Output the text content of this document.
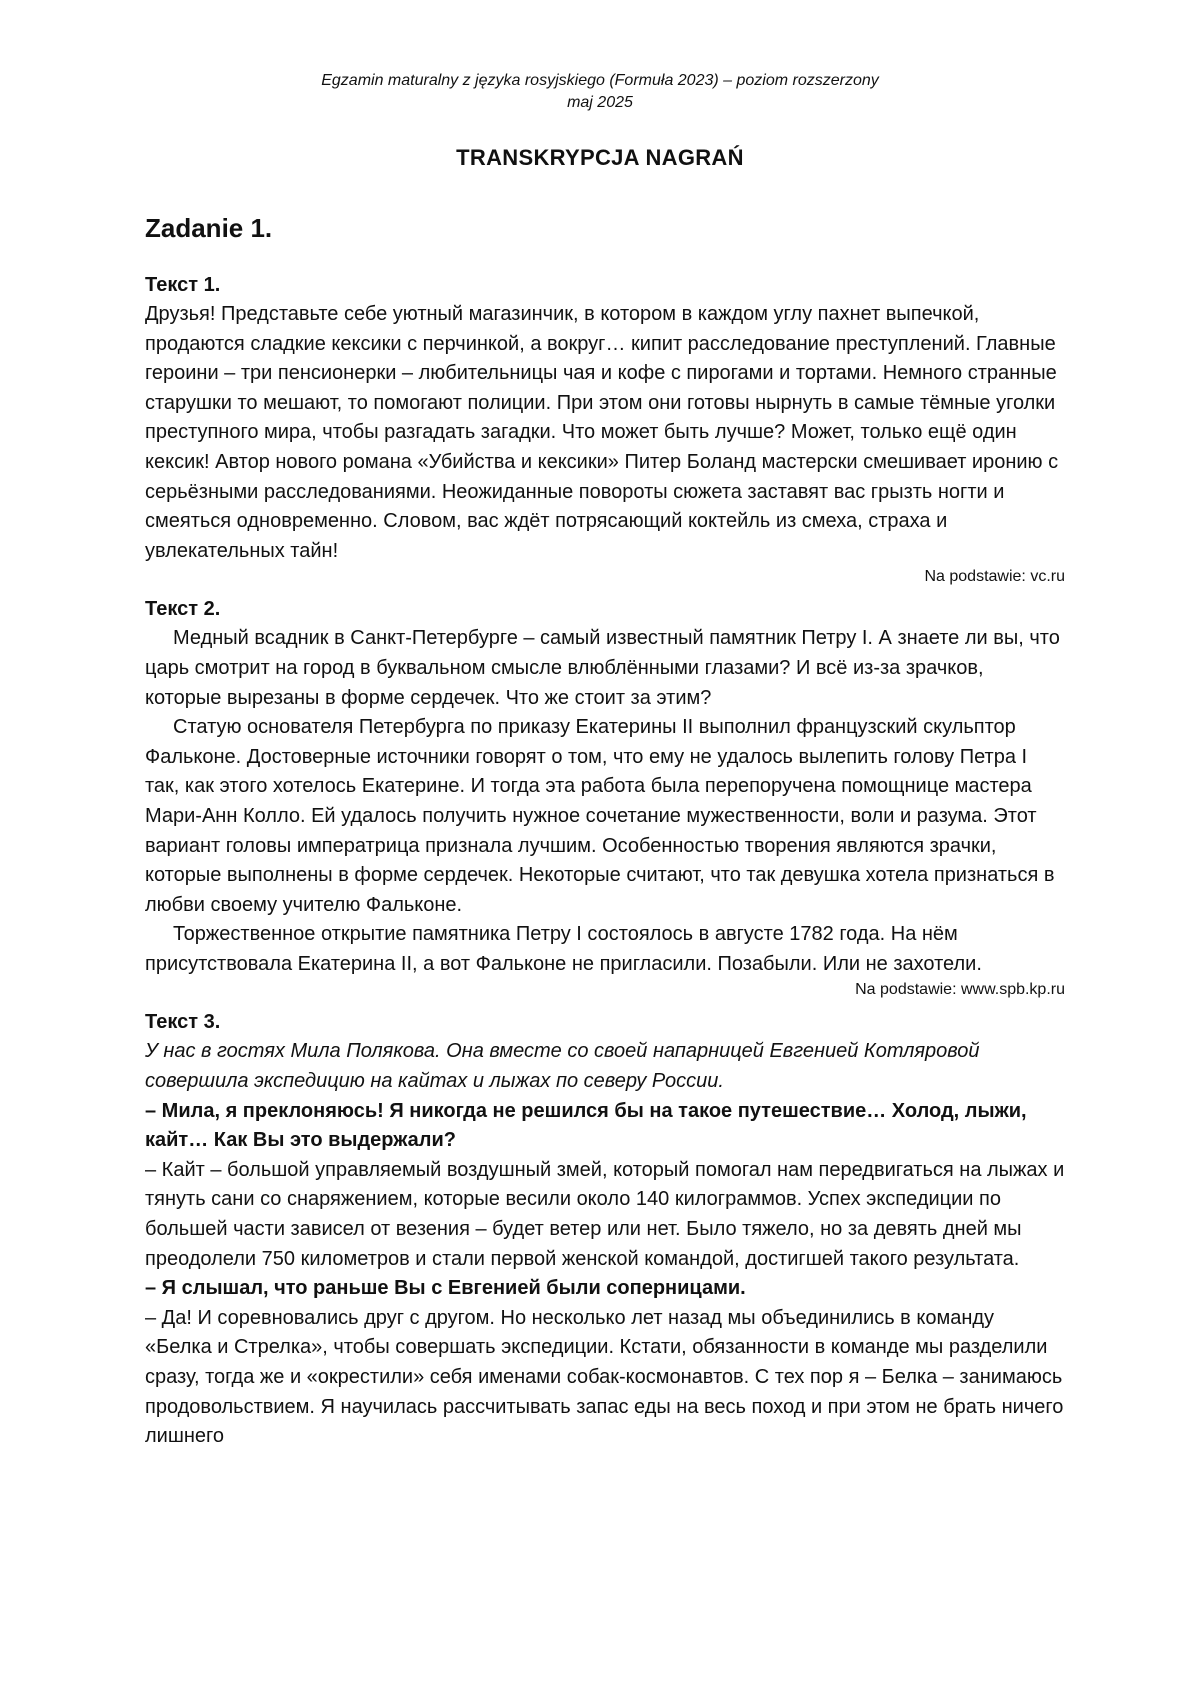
Egzamin maturalny z języka rosyjskiego (Formuła 2023) – poziom rozszerzony
maj 2025
TRANSKRYPCJA NAGRAŃ
Zadanie 1.
Текст 1.

Друзья! Представьте себе уютный магазинчик, в котором в каждом углу пахнет выпечкой, продаются сладкие кексики с перчинкой, а вокруг… кипит расследование преступлений. Главные героини – три пенсионерки – любительницы чая и кофе с пирогами и тортами. Немного странные старушки то мешают, то помогают полиции. При этом они готовы нырнуть в самые тёмные уголки преступного мира, чтобы разгадать загадки. Что может быть лучше? Может, только ещё один кексик! Автор нового романа «Убийства и кексики» Питер Боланд мастерски смешивает иронию с серьёзными расследованиями. Неожиданные повороты сюжета заставят вас грызть ногти и смеяться одновременно. Словом, вас ждёт потрясающий коктейль из смеха, страха и увлекательных тайн!

Na podstawie: vc.ru

Текст 2.

Медный всадник в Санкт-Петербурге – самый известный памятник Петру I. А знаете ли вы, что царь смотрит на город в буквальном смысле влюблёнными глазами? И всё из-за зрачков, которые вырезаны в форме сердечек. Что же стоит за этим?

Статую основателя Петербурга по приказу Екатерины II выполнил французский скульптор Фальконе. Достоверные источники говорят о том, что ему не удалось вылепить голову Петра I так, как этого хотелось Екатерине. И тогда эта работа была перепоручена помощнице мастера Мари-Анн Колло. Ей удалось получить нужное сочетание мужественности, воли и разума. Этот вариант головы императрица признала лучшим. Особенностью творения являются зрачки, которые выполнены в форме сердечек. Некоторые считают, что так девушка хотела признаться в любви своему учителю Фальконе.

Торжественное открытие памятника Петру I состоялось в августе 1782 года. На нём присутствовала Екатерина II, а вот Фальконе не пригласили. Позабыли. Или не захотели.

Na podstawie: www.spb.kp.ru

Текст 3.

У нас в гостях Мила Полякова. Она вместе со своей напарницей Евгенией Котляровой совершила экспедицию на кайтах и лыжах по северу России.

– Мила, я преклоняюсь! Я никогда не решился бы на такое путешествие… Холод, лыжи, кайт… Как Вы это выдержали?

– Кайт – большой управляемый воздушный змей, который помогал нам передвигаться на лыжах и тянуть сани со снаряжением, которые весили около 140 килограммов. Успех экспедиции по большей части зависел от везения – будет ветер или нет. Было тяжело, но за девять дней мы преодолели 750 километров и стали первой женской командой, достигшей такого результата.

– Я слышал, что раньше Вы с Евгенией были соперницами.

– Да! И соревновались друг с другом. Но несколько лет назад мы объединились в команду «Белка и Стрелка», чтобы совершать экспедиции. Кстати, обязанности в команде мы разделили сразу, тогда же и «окрестили» себя именами собак-космонавтов. С тех пор я – Белка – занимаюсь продовольствием. Я научилась рассчитывать запас еды на весь поход и при этом не брать ничего лишнего
